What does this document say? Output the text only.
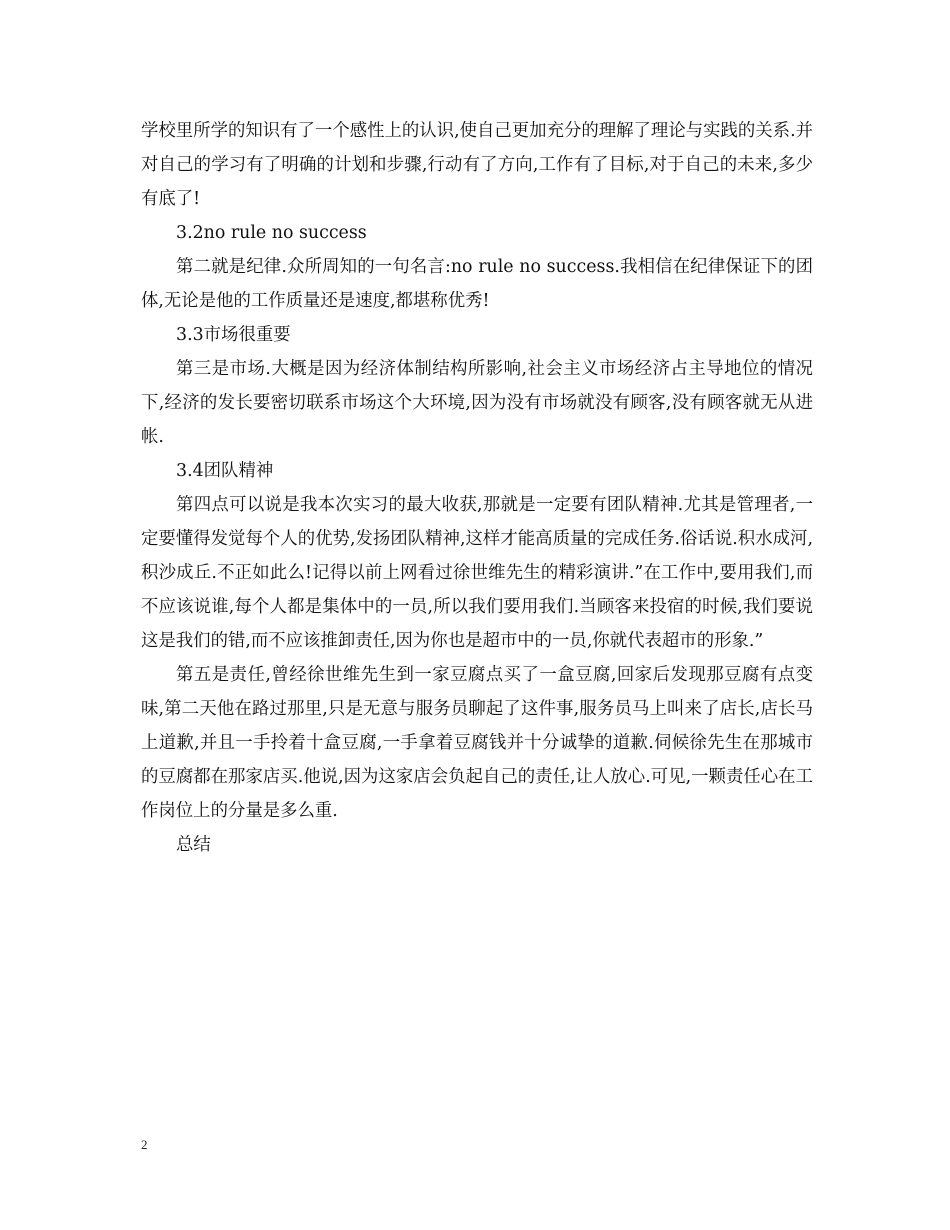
学校里所学的知识有了一个感性上的认识,使自己更加充分的理解了理论与实践的关系.并对自己的学习有了明确的计划和步骤,行动有了方向,工作有了目标,对于自己的未来,多少有底了!

3.2no rule no success

第二就是纪律.众所周知的一句名言:no rule no success.我相信在纪律保证下的团体,无论是他的工作质量还是速度,都堪称优秀!

3.3市场很重要

第三是市场.大概是因为经济体制结构所影响,社会主义市场经济占主导地位的情况下,经济的发长要密切联系市场这个大环境,因为没有市场就没有顾客,没有顾客就无从进帐.

3.4团队精神

第四点可以说是我本次实习的最大收获,那就是一定要有团队精神.尤其是管理者,一定要懂得发觉每个人的优势,发扬团队精神,这样才能高质量的完成任务.俗话说.积水成河,积沙成丘.不正如此么!记得以前上网看过徐世维先生的精彩演讲.”在工作中,要用我们,而不应该说谁,每个人都是集体中的一员,所以我们要用我们.当顾客来投宿的时候,我们要说这是我们的错,而不应该推卸责任,因为你也是超市中的一员,你就代表超市的形象.”

第五是责任,曾经徐世维先生到一家豆腐点买了一盒豆腐,回家后发现那豆腐有点变味,第二天他在路过那里,只是无意与服务员聊起了这件事,服务员马上叫来了店长,店长马上道歉,并且一手拎着十盒豆腐,一手拿着豆腐钱并十分诚挚的道歉.伺候徐先生在那城市的豆腐都在那家店买.他说,因为这家店会负起自己的责任,让人放心.可见,一颗责任心在工作岗位上的分量是多么重.

总结

2
